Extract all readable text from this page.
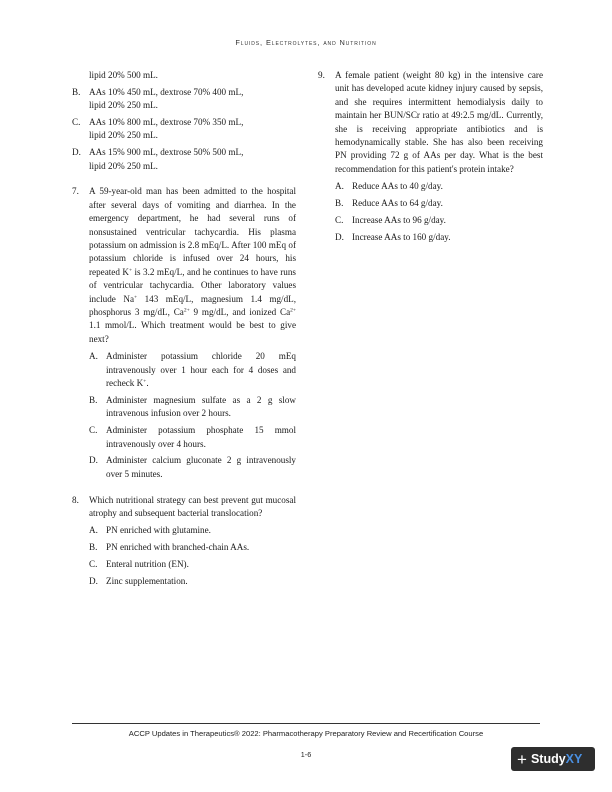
Fluids, Electrolytes, and Nutrition
lipid 20% 500 mL.
B. AAs 10% 450 mL, dextrose 70% 400 mL,
lipid 20% 250 mL.
C. AAs 10% 800 mL, dextrose 70% 350 mL,
lipid 20% 250 mL.
D. AAs 15% 900 mL, dextrose 50% 500 mL,
lipid 20% 250 mL.
7. A 59-year-old man has been admitted to the hospital after several days of vomiting and diarrhea. In the emergency department, he had several runs of nonsustained ventricular tachycardia. His plasma potassium on admission is 2.8 mEq/L. After 100 mEq of potassium chloride is infused over 24 hours, his repeated K+ is 3.2 mEq/L, and he continues to have runs of ventricular tachycardia. Other laboratory values include Na+ 143 mEq/L, magnesium 1.4 mg/dL, phosphorus 3 mg/dL, $Ca^{2+}$ 9 mg/dL, and ionized $Ca^{2+}$ 1.1 mmol/L. Which treatment would be best to give next?
A. Administer potassium chloride 20 mEq intravenously over 1 hour each for 4 doses and recheck K+.
B. Administer magnesium sulfate as a 2 g slow intravenous infusion over 2 hours.
C. Administer potassium phosphate 15 mmol intravenously over 4 hours.
D. Administer calcium gluconate 2 g intravenously over 5 minutes.
8. Which nutritional strategy can best prevent gut mucosal atrophy and subsequent bacterial translocation?
A. PN enriched with glutamine.
B. PN enriched with branched-chain AAs.
C. Enteral nutrition (EN).
D. Zinc supplementation.
9. A female patient (weight 80 kg) in the intensive care unit has developed acute kidney injury caused by sepsis, and she requires intermittent hemodialysis daily to maintain her BUN/SCr ratio at 49:2.5 mg/dL. Currently, she is receiving appropriate antibiotics and is hemodynamically stable. She has also been receiving PN providing 72 g of AAs per day. What is the best recommendation for this patient's protein intake?
A. Reduce AAs to 40 g/day.
B. Reduce AAs to 64 g/day.
C. Increase AAs to 96 g/day.
D. Increase AAs to 160 g/day.
ACCP Updates in Therapeutics® 2022: Pharmacotherapy Preparatory Review and Recertification Course
1-6	+ Study XY
